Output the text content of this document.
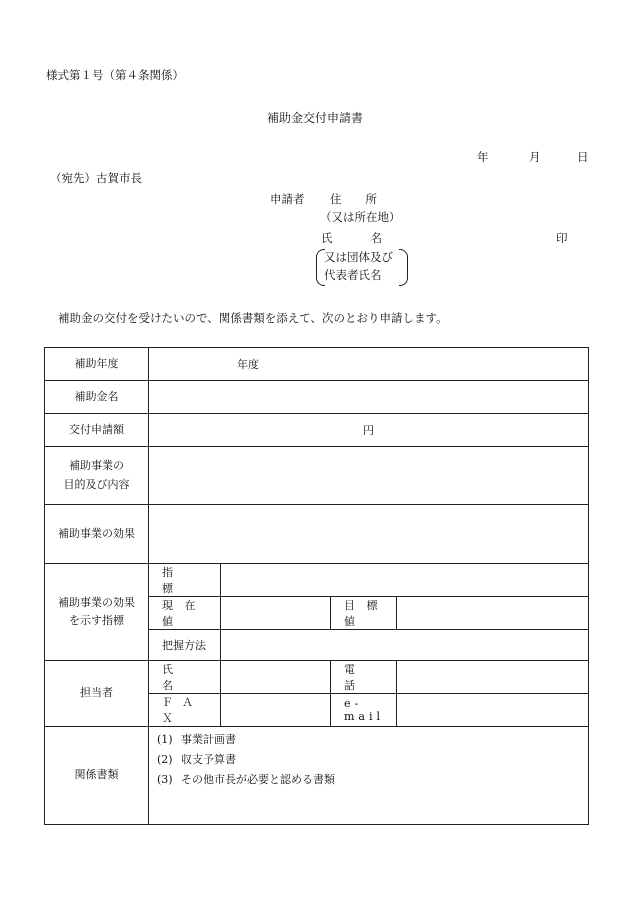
様式第１号（第４条関係）
補助金交付申請書
年	月	日
（宛先）古賀市長
申請者 住 所
（又は所在地）
氏	名	印
又は団体及び
代表者氏名
補助金の交付を受けたいので、関係書類を添えて、次のとおり申請します。
補助年度	年度			
補助金名				
交付申請額	円			
補助事業の
目的及び内容				
補助事業の効果				
補助事業の効果
を示す指標	指　標			
	現 在 値		目 標 値	
	把握方法			
担当者	氏　名		電　話	
	ＦＡＸ		e-mail	
関係書類	(1) 事業計画書
(2) 収支予算書
(3) その他市長が必要と認める書類			
